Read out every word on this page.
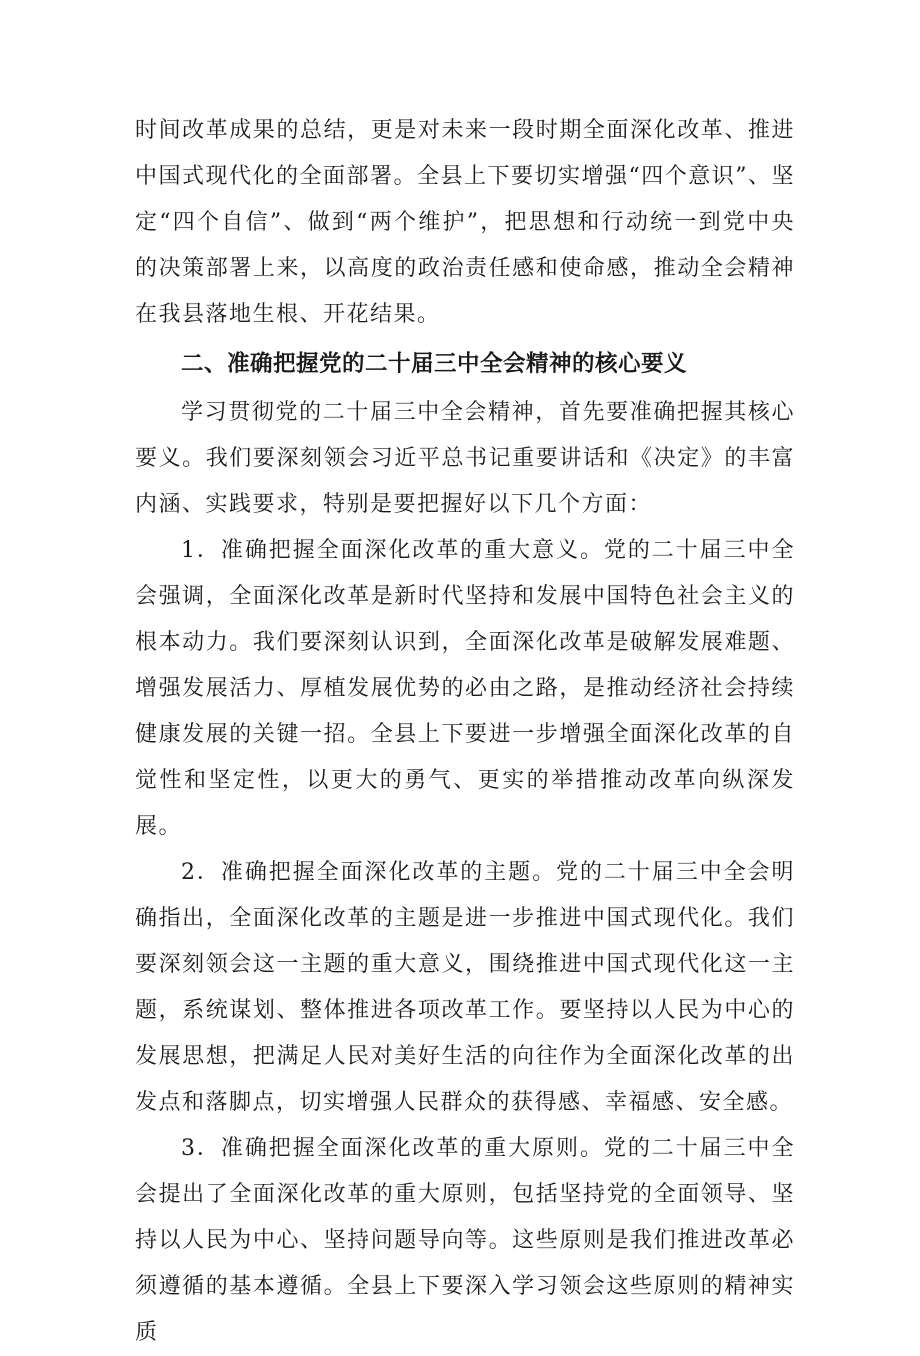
时间改革成果的总结，更是对未来一段时期全面深化改革、推进中国式现代化的全面部署。全县上下要切实增强“四个意识”、坚定“四个自信”、做到“两个维护”，把思想和行动统一到党中央的决策部署上来，以高度的政治责任感和使命感，推动全会精神在我县落地生根、开花结果。

二、准确把握党的二十届三中全会精神的核心要义

学习贯彻党的二十届三中全会精神，首先要准确把握其核心要义。我们要深刻领会习近平总书记重要讲话和《决定》的丰富内涵、实践要求，特别是要把握好以下几个方面：

1．准确把握全面深化改革的重大意义。党的二十届三中全会强调，全面深化改革是新时代坚持和发展中国特色社会主义的根本动力。我们要深刻认识到，全面深化改革是破解发展难题、增强发展活力、厚植发展优势的必由之路，是推动经济社会持续健康发展的关键一招。全县上下要进一步增强全面深化改革的自觉性和坚定性，以更大的勇气、更实的举措推动改革向纵深发展。

2．准确把握全面深化改革的主题。党的二十届三中全会明确指出，全面深化改革的主题是进一步推进中国式现代化。我们要深刻领会这一主题的重大意义，围绕推进中国式现代化这一主题，系统谋划、整体推进各项改革工作。要坚持以人民为中心的发展思想，把满足人民对美好生活的向往作为全面深化改革的出发点和落脚点，切实增强人民群众的获得感、幸福感、安全感。

3．准确把握全面深化改革的重大原则。党的二十届三中全会提出了全面深化改革的重大原则，包括坚持党的全面领导、坚持以人民为中心、坚持问题导向等。这些原则是我们推进改革必须遵循的基本遵循。全县上下要深入学习领会这些原则的精神实质
